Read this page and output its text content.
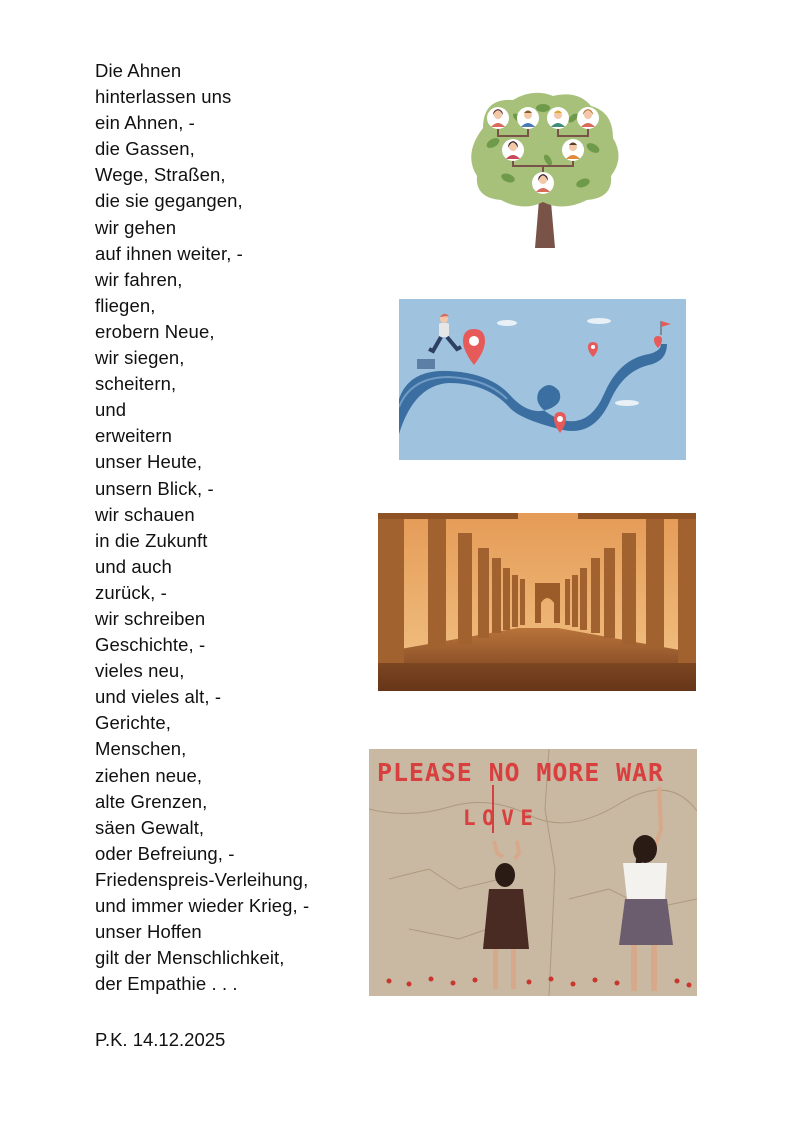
Die Ahnen
hinterlassen uns
ein Ahnen, -
die Gassen,
Wege, Straßen,
die sie gegangen,
wir gehen
auf ihnen weiter, -
wir fahren,
fliegen,
erobern Neue,
wir siegen,
scheitern,
und
erweitern
unser Heute,
unsern Blick, -
wir schauen
in die Zukunft
und auch
zurück, -
wir schreiben
Geschichte, -
vieles neu,
und vieles alt, -
Gerichte,
Menschen,
ziehen neue,
alte Grenzen,
säen Gewalt,
oder Befreiung, -
Friedenspreis-Verleihung,
und immer wieder Krieg, -
unser Hoffen
gilt der Menschlichkeit,
der Empathie . . .
P.K. 14.12.2025
PLEASE NO MORE WAR
LOVE
